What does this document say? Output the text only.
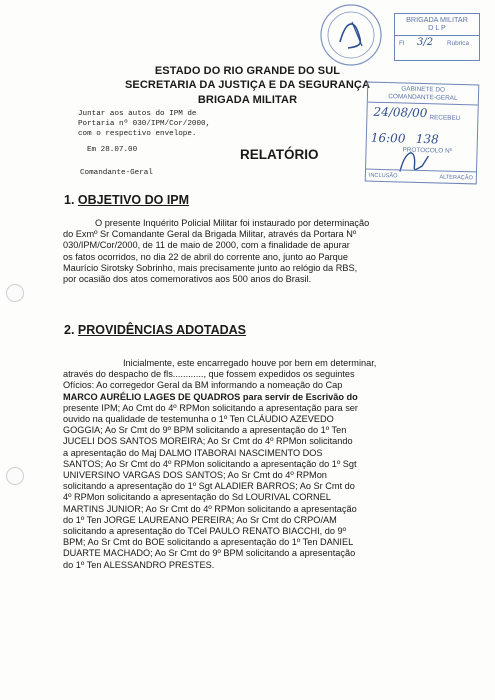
BRIGADA MILITAR
D L P
Fl 3/2 Rubrica
ESTADO DO RIO GRANDE DO SUL
SECRETARIA DA JUSTIÇA E DA SEGURANÇA
BRIGADA MILITAR
GABINETE DO
COMANDANTE-GERAL
24/08/00 RECEBEU
16:00 138
PROTOCOLO Nº
INCLUSÃO	ALTERAÇÃO
Juntar aos autos do IPM de
Portaria nº 030/IPM/Cor/2000,
com o respectivo envelope.
Em 28.07.00
Comandante-Geral
RELATÓRIO
1. OBJETIVO DO IPM
O presente Inquérito Policial Militar foi instaurado por determinação
do Exmº Sr Comandante Geral da Brigada Militar, através da Portara Nº
030/IPM/Cor/2000, de 11 de maio de 2000, com a finalidade de apurar
os fatos ocorridos, no dia 22 de abril do corrente ano, junto ao Parque
Maurício Sirotsky Sobrinho, mais precisamente junto ao relógio da RBS,
por ocasião dos atos comemorativos aos 500 anos do Brasil.
2. PROVIDÊNCIAS ADOTADAS
Inicialmente, este encarregado houve por bem em determinar,
através do despacho de fls............, que fossem expedidos os seguintes
Ofícios: Ao corregedor Geral da BM informando a nomeação do Cap
MARCO AURÉLIO LAGES DE QUADROS para servir de Escrivão do
presente IPM; Ao Cmt do 4º RPMon solicitando a apresentação para ser
ouvido na qualidade de testemunha o 1º Ten CLÁUDIO AZEVEDO
GOGGIA; Ao Sr Cmt do 9º BPM solicitando a apresentação do 1º Ten
JUCELI DOS SANTOS MOREIRA; Ao Sr Cmt do 4º RPMon solicitando
a apresentação do Maj DALMO ITABORAI NASCIMENTO DOS
SANTOS; Ao Sr Cmt do 4º RPMon solicitando a apresentação do 1º Sgt
UNIVERSINO VARGAS DOS SANTOS; Ao Sr Cmt do 4º RPMon
solicitando a apresentação do 1º Sgt ALADIER BARROS; Ao Sr Cmt do
4º RPMon solicitando a apresentação do Sd LOURIVAL CORNEL
MARTINS JUNIOR; Ao Sr Cmt do 4º RPMon solicitando a apresentação
do 1º Ten JORGE LAUREANO PEREIRA; Ao Sr Cmt do CRPO/AM
solicitando a apresentação do TCel PAULO RENATO BIACCHI, do 9º
BPM; Ao Sr Cmt do BOE solicitando a apresentação do 1º Ten DANIEL
DUARTE MACHADO; Ao Sr Cmt do 9º BPM solicitando a apresentação
do 1º Ten ALESSANDRO PRESTES.
